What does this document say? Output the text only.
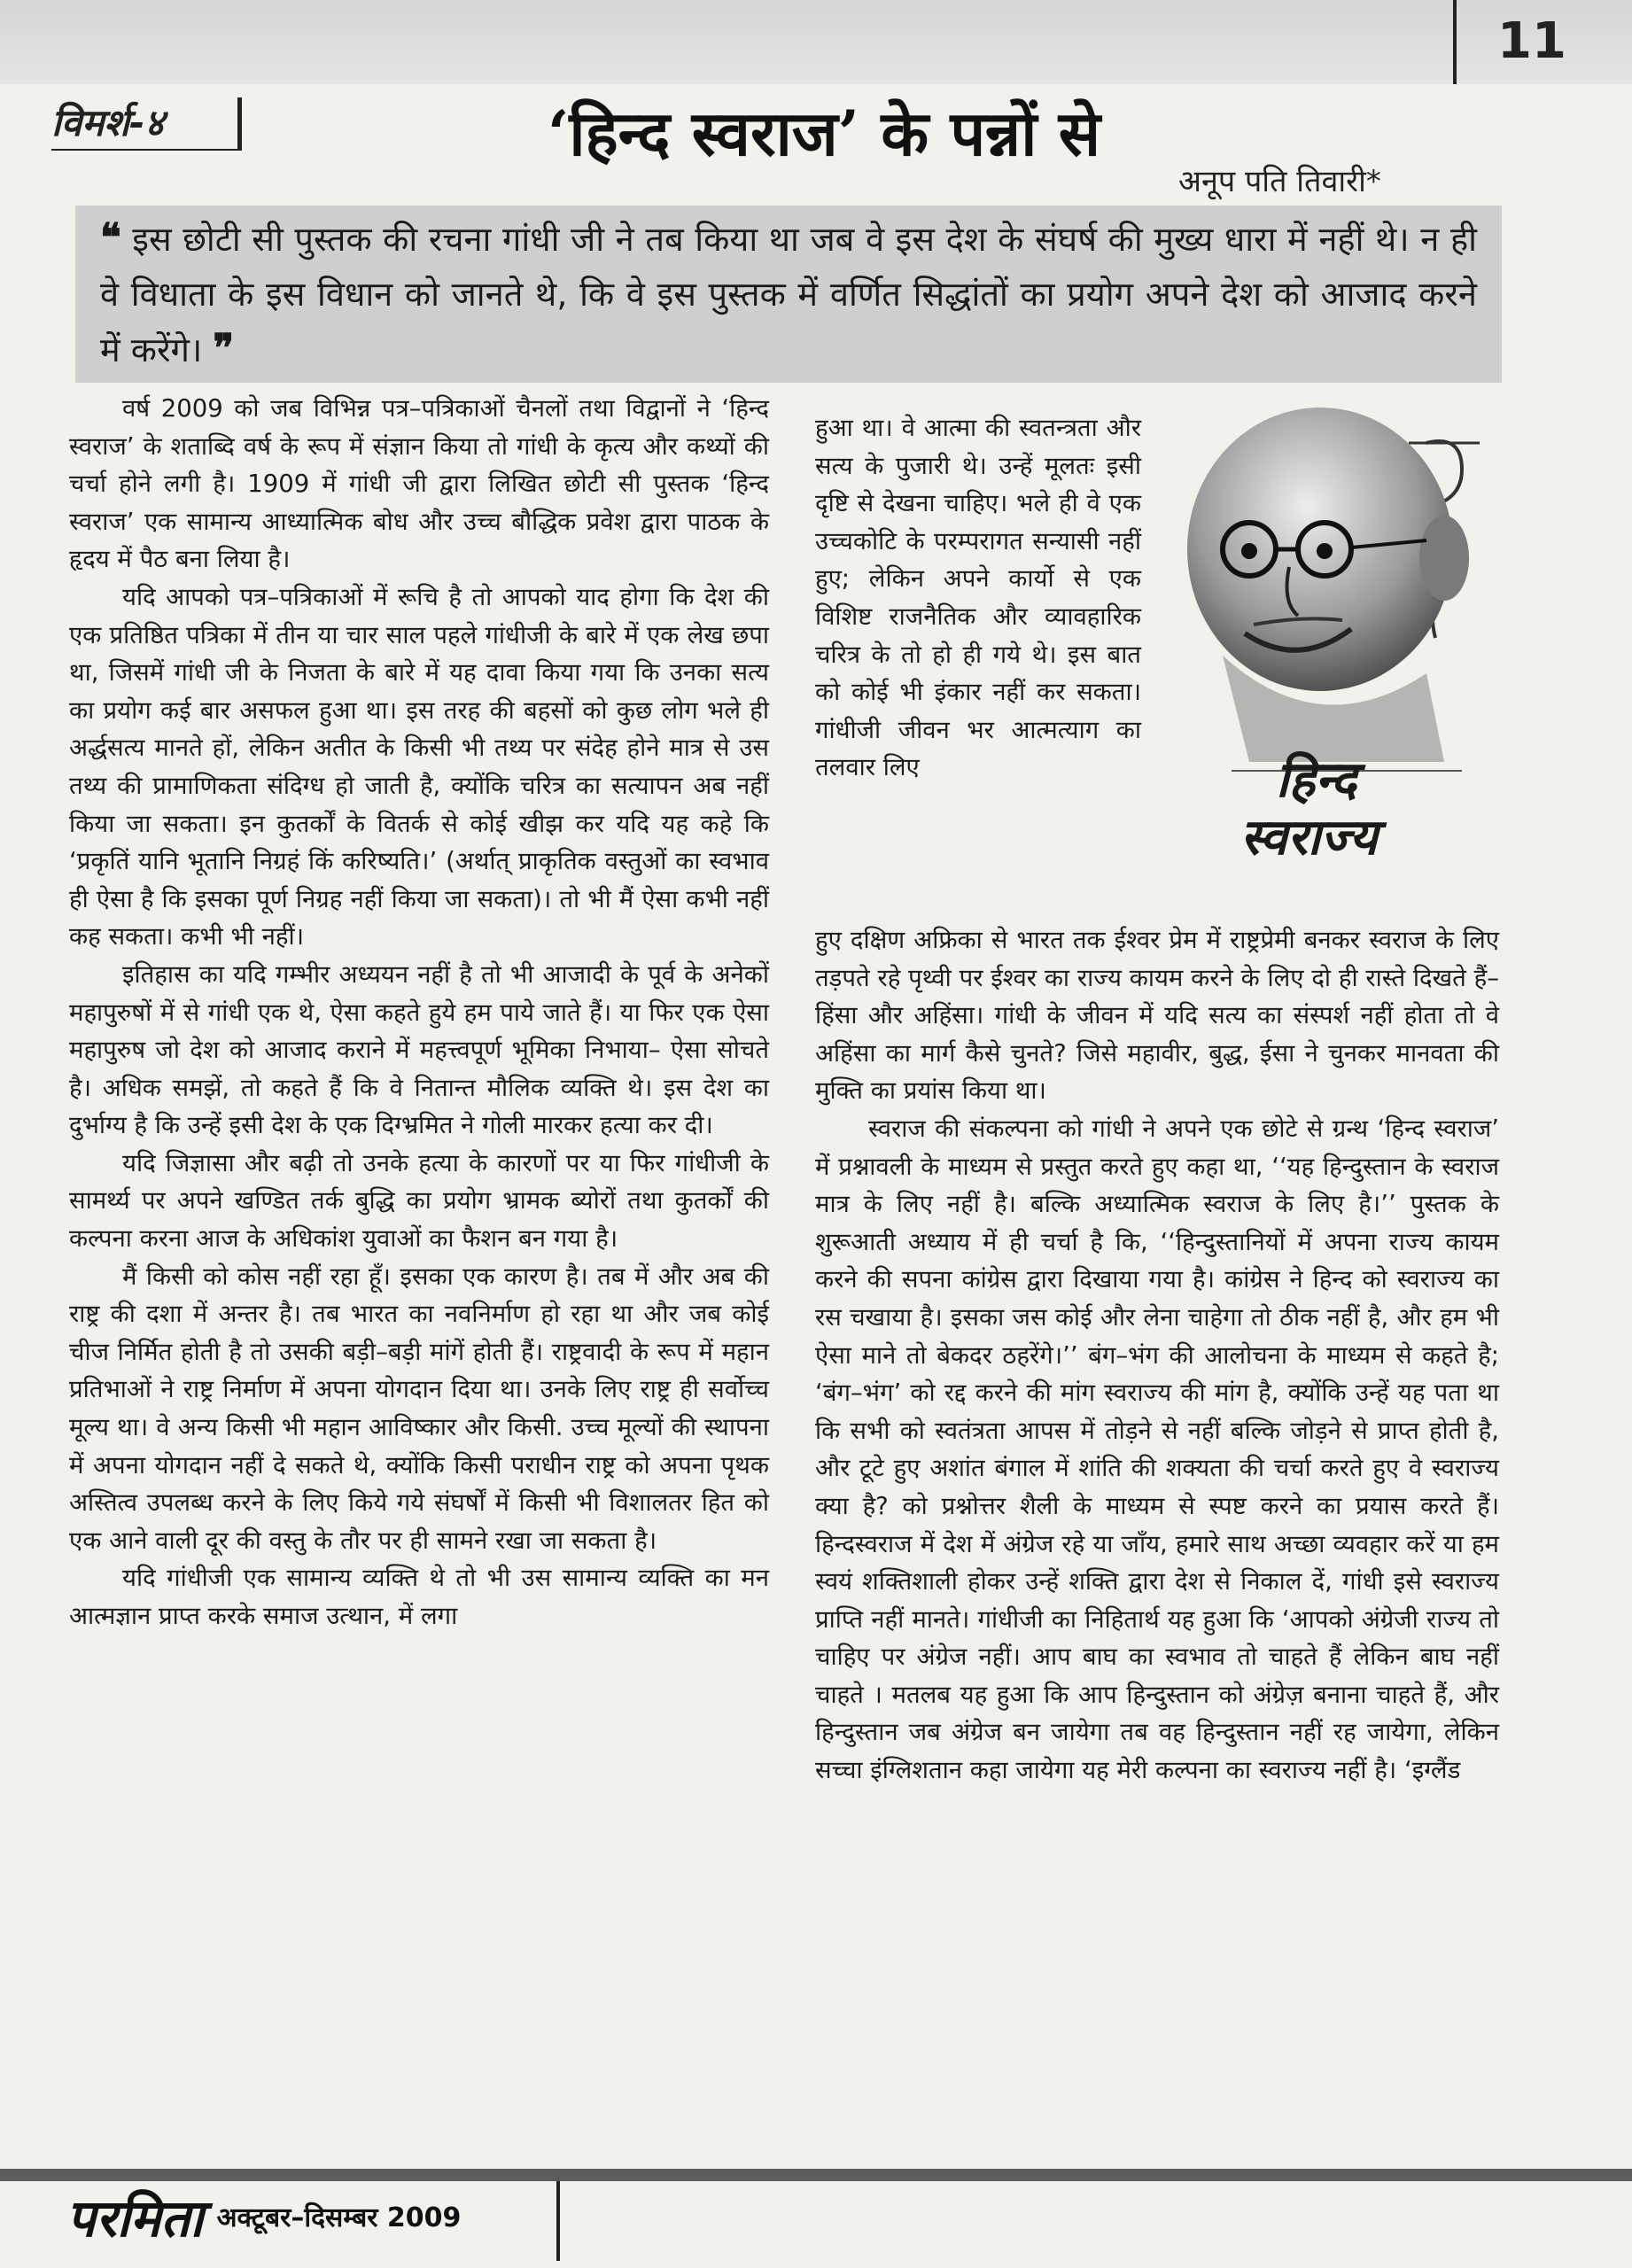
11
विमर्श-४	‘हिन्द स्वराज’ के पन्नों से
अनूप पति तिवारी*

❝ इस छोटी सी पुस्तक की रचना गांधी जी ने तब किया था जब वे इस देश के संघर्ष की मुख्य धारा में नहीं थे। न ही वे विधाता के इस विधान को जानते थे, कि वे इस पुस्तक में वर्णित सिद्धांतों का प्रयोग अपने देश को आजाद करने में करेंगे। ❞

वर्ष 2009 को जब विभिन्न पत्र–पत्रिकाओं चैनलों तथा विद्वानों ने ‘हिन्द स्वराज’ के शताब्दि वर्ष के रूप में संज्ञान किया तो गांधी के कृत्य और कथ्यों की चर्चा होने लगी है। 1909 में गांधी जी द्वारा लिखित छोटी सी पुस्तक ‘हिन्द स्वराज’ एक सामान्य आध्यात्मिक बोध और उच्च बौद्धिक प्रवेश द्वारा पाठक के हृदय में पैठ बना लिया है।

यदि आपको पत्र–पत्रिकाओं में रूचि है तो आपको याद होगा कि देश की एक प्रतिष्ठित पत्रिका में तीन या चार साल पहले गांधीजी के बारे में एक लेख छपा था, जिसमें गांधी जी के निजता के बारे में यह दावा किया गया कि उनका सत्य का प्रयोग कई बार असफल हुआ था। इस तरह की बहसों को कुछ लोग भले ही अर्द्धसत्य मानते हों, लेकिन अतीत के किसी भी तथ्य पर संदेह होने मात्र से उस तथ्य की प्रामाणिकता संदिग्ध हो जाती है, क्योंकि चरित्र का सत्यापन अब नहीं किया जा सकता। इन कुतर्कों के वितर्क से कोई खीझ कर यदि यह कहे कि ‘प्रकृतिं यानि भूतानि निग्रहं किं करिष्यति।’ (अर्थात् प्राकृतिक वस्तुओं का स्वभाव ही ऐसा है कि इसका पूर्ण निग्रह नहीं किया जा सकता)। तो भी मैं ऐसा कभी नहीं कह सकता। कभी भी नहीं।

इतिहास का यदि गम्भीर अध्ययन नहीं है तो भी आजादी के पूर्व के अनेकों महापुरुषों में से गांधी एक थे, ऐसा कहते हुये हम पाये जाते हैं। या फिर एक ऐसा महापुरुष जो देश को आजाद कराने में महत्त्वपूर्ण भूमिका निभाया– ऐसा सोचते है। अधिक समझें, तो कहते हैं कि वे नितान्त मौलिक व्यक्ति थे। इस देश का दुर्भाग्य है कि उन्हें इसी देश के एक दिग्भ्रमित ने गोली मारकर हत्या कर दी।

यदि जिज्ञासा और बढ़ी तो उनके हत्या के कारणों पर या फिर गांधीजी के सामर्थ्य पर अपने खण्डित तर्क बुद्धि का प्रयोग भ्रामक ब्योरों तथा कुतर्कों की कल्पना करना आज के अधिकांश युवाओं का फैशन बन गया है।

मैं किसी को कोस नहीं रहा हूँ। इसका एक कारण है। तब में और अब की राष्ट्र की दशा में अन्तर है। तब भारत का नवनिर्माण हो रहा था और जब कोई चीज निर्मित होती है तो उसकी बड़ी–बड़ी मांगें होती हैं। राष्ट्रवादी के रूप में महान प्रतिभाओं ने राष्ट्र निर्माण में अपना योगदान दिया था। उनके लिए राष्ट्र ही सर्वोच्च मूल्य था। वे अन्य किसी भी महान आविष्कार और किसी. उच्च मूल्यों की स्थापना में अपना योगदान नहीं दे सकते थे, क्योंकि किसी पराधीन राष्ट्र को अपना पृथक अस्तित्व उपलब्ध करने के लिए किये गये संघर्षों में किसी भी विशालतर हित को एक आने वाली दूर की वस्तु के तौर पर ही सामने रखा जा सकता है।

यदि गांधीजी एक सामान्य व्यक्ति थे तो भी उस सामान्य व्यक्ति का मन आत्मज्ञान प्राप्त करके समाज उत्थान, में लगा

हुआ था। वे आत्मा की स्वतन्त्रता और सत्य के पुजारी थे। उन्हें मूलतः इसी दृष्टि से देखना चाहिए। भले ही वे एक उच्चकोटि के परम्परागत सन्यासी नहीं हुए; लेकिन अपने कार्यो से एक विशिष्ट राजनैतिक और व्यावहारिक चरित्र के तो हो ही गये थे। इस बात को कोई भी इंकार नहीं कर सकता। गांधीजी जीवन भर आत्मत्याग का तलवार लिए	हिन्द
स्वराज्य

हुए दक्षिण अफ्रिका से भारत तक ईश्वर प्रेम में राष्ट्रप्रेमी बनकर स्वराज के लिए तड़पते रहे पृथ्वी पर ईश्वर का राज्य कायम करने के लिए दो ही रास्ते दिखते हैं– हिंसा और अहिंसा। गांधी के जीवन में यदि सत्य का संस्पर्श नहीं होता तो वे अहिंसा का मार्ग कैसे चुनते? जिसे महावीर, बुद्ध, ईसा ने चुनकर मानवता की मुक्ति का प्रयांस किया था।

स्वराज की संकल्पना को गांधी ने अपने एक छोटे से ग्रन्थ ‘हिन्द स्वराज’ में प्रश्नावली के माध्यम से प्रस्तुत करते हुए कहा था, ‘‘यह हिन्दुस्तान के स्वराज मात्र के लिए नहीं है। बल्कि अध्यात्मिक स्वराज के लिए है।’’ पुस्तक के शुरूआती अध्याय में ही चर्चा है कि, ‘‘हिन्दुस्तानियों में अपना राज्य कायम करने की सपना कांग्रेस द्वारा दिखाया गया है। कांग्रेस ने हिन्द को स्वराज्य का रस चखाया है। इसका जस कोई और लेना चाहेगा तो ठीक नहीं है, और हम भी ऐसा माने तो बेकदर ठहरेंगे।’’ बंग–भंग की आलोचना के माध्यम से कहते है; ‘बंग–भंग’ को रद्द करने की मांग स्वराज्य की मांग है, क्योंकि उन्हें यह पता था कि सभी को स्वतंत्रता आपस में तोड़ने से नहीं बल्कि जोड़ने से प्राप्त होती है, और टूटे हुए अशांत बंगाल में शांति की शक्यता की चर्चा करते हुए वे स्वराज्य क्या है? को प्रश्नोत्तर शैली के माध्यम से स्पष्ट करने का प्रयास करते हैं। हिन्दस्वराज में देश में अंग्रेज रहे या जाँय, हमारे साथ अच्छा व्यवहार करें या हम स्वयं शक्तिशाली होकर उन्हें शक्ति द्वारा देश से निकाल दें, गांधी इसे स्वराज्य प्राप्ति नहीं मानते। गांधीजी का निहितार्थ यह हुआ कि ‘आपको अंग्रेजी राज्य तो चाहिए पर अंग्रेज नहीं। आप बाघ का स्वभाव तो चाहते हैं लेकिन बाघ नहीं चाहते । मतलब यह हुआ कि आप हिन्दुस्तान को अंग्रेज़ बनाना चाहते हैं, और हिन्दुस्तान जब अंग्रेज बन जायेगा तब वह हिन्दुस्तान नहीं रह जायेगा, लेकिन सच्चा इंग्लिशतान कहा जायेगा यह मेरी कल्पना का स्वराज्य नहीं है। ‘इग्लैंड

परमिता अक्टूबर–दिसम्बर 2009
